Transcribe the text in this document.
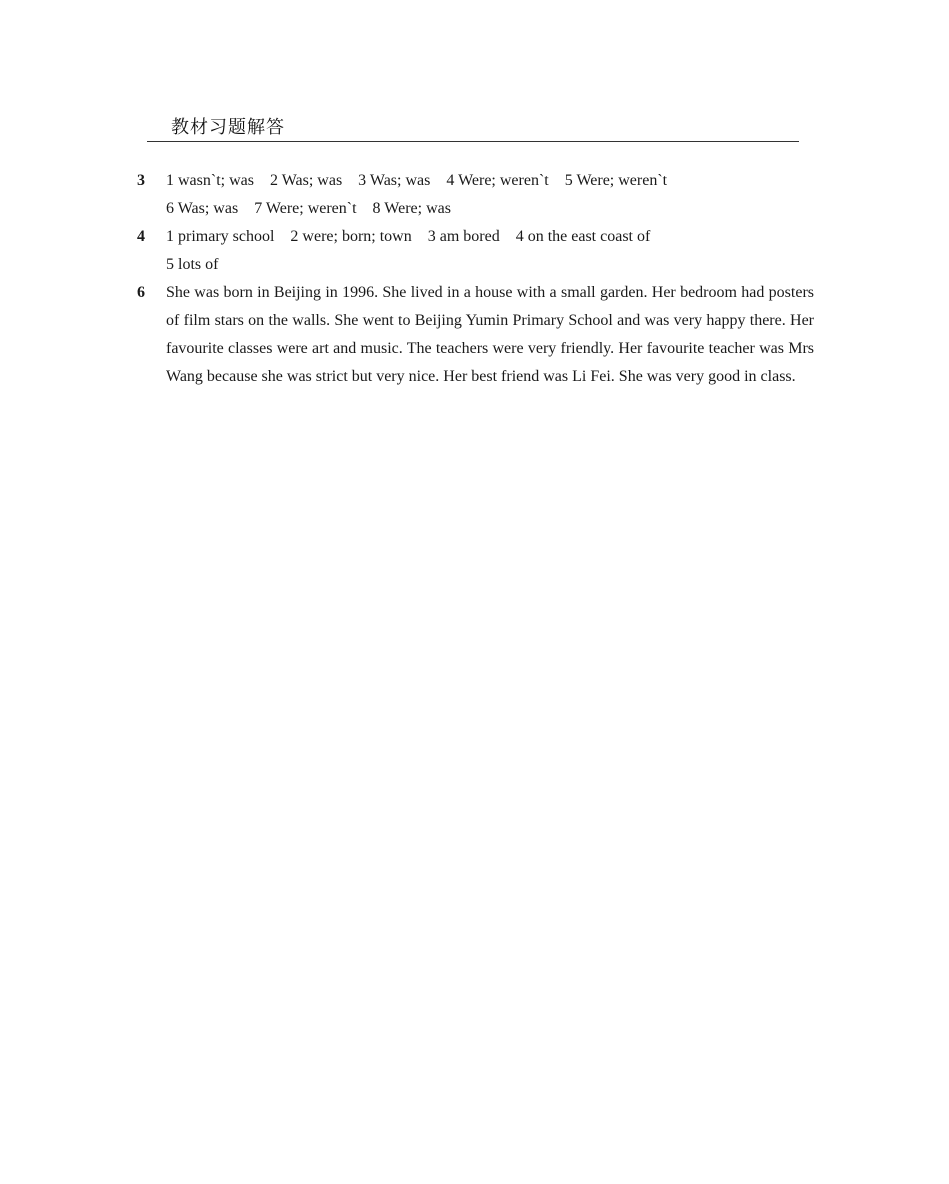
教材习题解答
3	1 wasn`t; was    2 Was; was    3 Was; was    4 Were; weren`t    5 Were; weren`t
6 Was; was    7 Were; weren`t    8 Were; was
4	1 primary school    2 were; born; town    3 am bored    4 on the east coast of
5 lots of
6	She was born in Beijing in 1996. She lived in a house with a small garden. Her bedroom had posters of film stars on the walls. She went to Beijing Yumin Primary School and was very happy there. Her favourite classes were art and music. The teachers were very friendly. Her favourite teacher was Mrs Wang because she was strict but very nice. Her best friend was Li Fei. She was very good in class.
